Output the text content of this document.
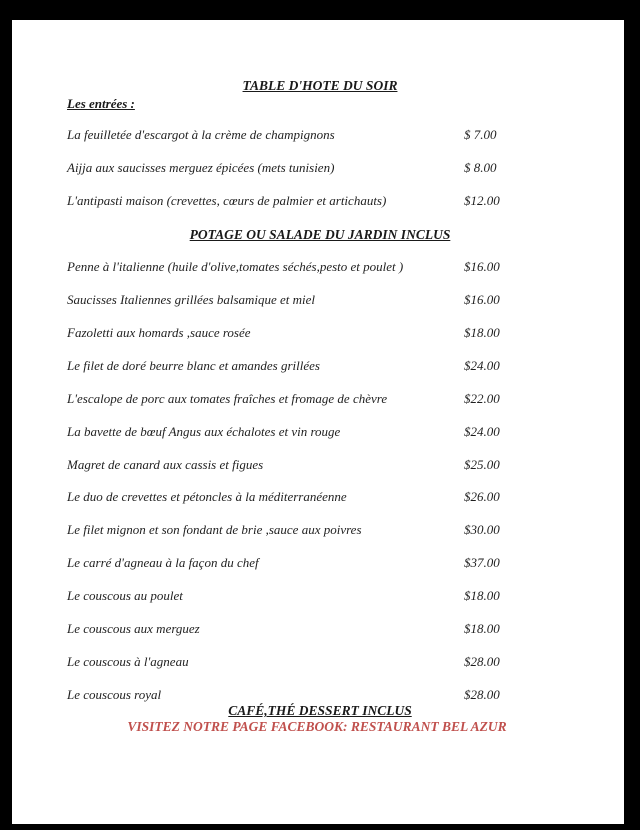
TABLE D'HOTE DU SOIR
Les entrées :
La feuilletée d'escargot à la crème de champignons	$ 7.00
Aijja aux saucisses merguez épicées (mets tunisien)	$ 8.00
L'antipasti maison (crevettes, cœurs de palmier et artichauts)	$12.00
POTAGE OU SALADE DU JARDIN INCLUS
Penne à l'italienne (huile d'olive,tomates séchés,pesto et poulet )	$16.00
Saucisses Italiennes grillées balsamique et miel	$16.00
Fazoletti aux homards ,sauce rosée	$18.00
Le filet de doré beurre blanc et amandes grillées	$24.00
L'escalope de porc aux tomates fraîches et fromage de chèvre	$22.00
La bavette de bœuf Angus aux échalotes et vin rouge	$24.00
Magret de canard aux cassis et figues	$25.00
Le duo de crevettes et pétoncles à la méditerranéenne	$26.00
Le filet mignon et son fondant de brie ,sauce aux poivres	$30.00
Le carré d'agneau à la façon du chef	$37.00
Le couscous au poulet	$18.00
Le couscous aux merguez	$18.00
Le couscous à l'agneau	$28.00
Le couscous royal	$28.00
CAFÉ,THÉ DESSERT INCLUS
VISITEZ NOTRE PAGE FACEBOOK: RESTAURANT BEL AZUR
